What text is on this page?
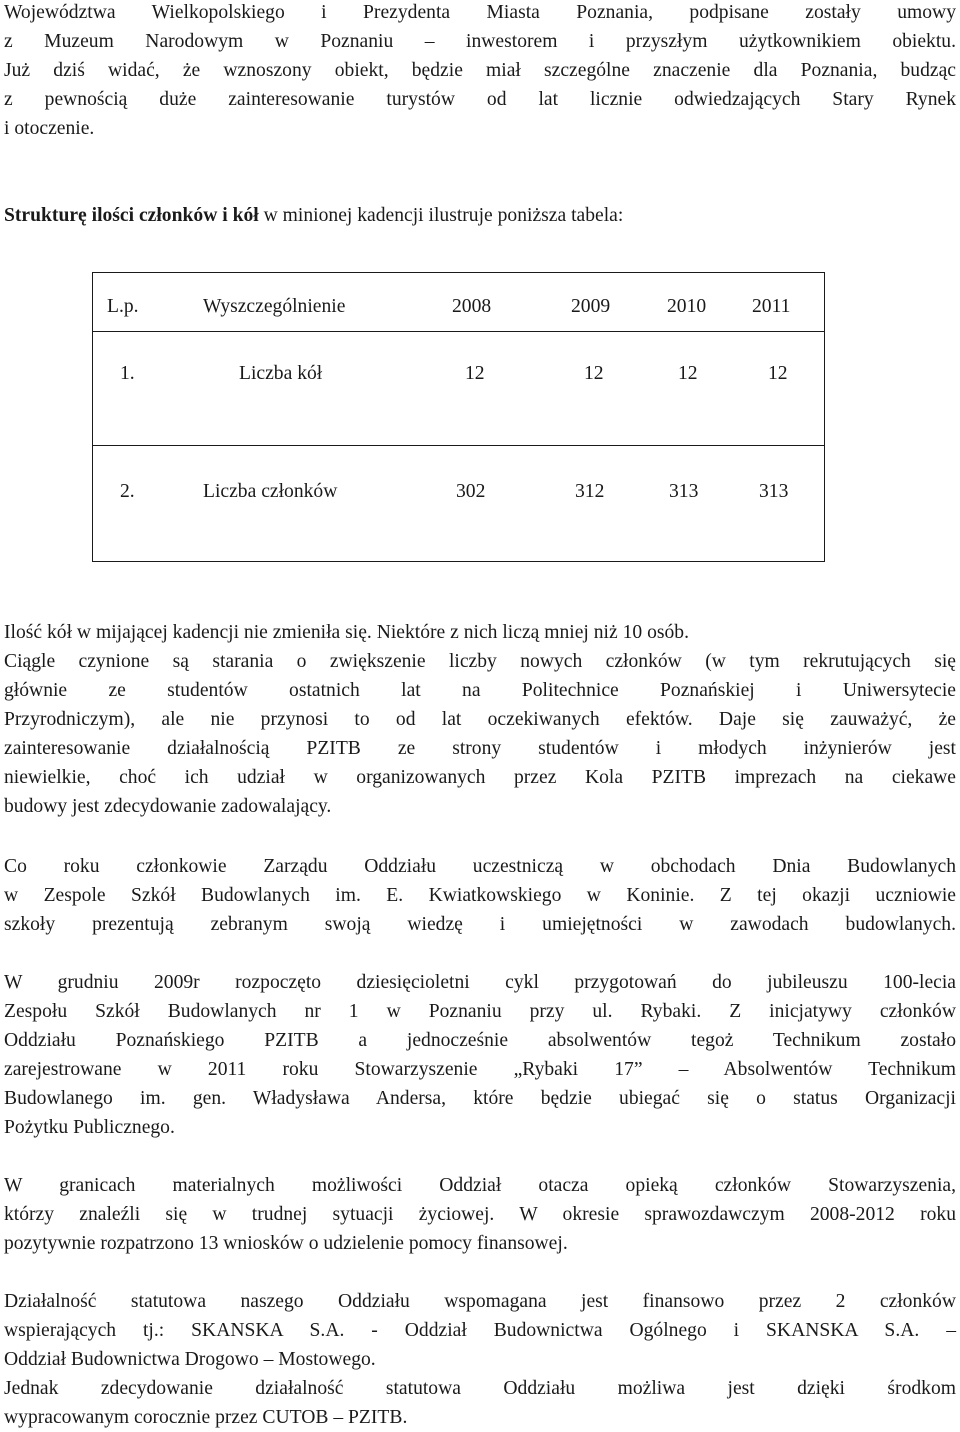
Województwa Wielkopolskiego i Prezydenta Miasta Poznania, podpisane zostały umowy
z Muzeum Narodowym w Poznaniu – inwestorem i przyszłym użytkownikiem obiektu.
Już dziś widać, że wznoszony obiekt, będzie miał szczególne znaczenie dla Poznania, budząc
z pewnością duże zainteresowanie turystów od lat licznie odwiedzających Stary Rynek
i otoczenie.
Strukturę ilości członków i kół w minionej kadencji ilustruje poniższa tabela:
L.p.	Wyszczególnienie	2008	2009	2010 2011
1.	Liczba kół	12	12	12	12
2.	Liczba członków	302	312	313	313
Ilość kół w mijającej kadencji nie zmieniła się. Niektóre z nich liczą mniej niż 10 osób.
Ciągle czynione są starania o zwiększenie liczby nowych członków (w tym rekrutujących się
głównie ze studentów ostatnich lat na Politechnice Poznańskiej i Uniwersytecie
Przyrodniczym), ale nie przynosi to od lat oczekiwanych efektów. Daje się zauważyć, że
zainteresowanie działalnością PZITB ze strony studentów i młodych inżynierów jest
niewielkie, choć ich udział w organizowanych przez Kola PZITB imprezach na ciekawe
budowy jest zdecydowanie zadowalający.
Co roku członkowie Zarządu Oddziału uczestniczą w obchodach Dnia Budowlanych
w Zespole Szkół Budowlanych im. E. Kwiatkowskiego w Koninie. Z tej okazji uczniowie
szkoły prezentują zebranym swoją wiedzę i umiejętności w zawodach budowlanych.
W grudniu 2009r rozpoczęto dziesięcioletni cykl przygotowań do jubileuszu 100-lecia
Zespołu Szkół Budowlanych nr 1 w Poznaniu przy ul. Rybaki. Z inicjatywy członków
Oddziału Poznańskiego PZITB a jednocześnie absolwentów tegoż Technikum zostało
zarejestrowane w 2011 roku Stowarzyszenie „Rybaki 17” – Absolwentów Technikum
Budowlanego im. gen. Władysława Andersa, które będzie ubiegać się o status Organizacji
Pożytku Publicznego.
W granicach materialnych możliwości Oddział otacza opieką członków Stowarzyszenia,
którzy znaleźli się w trudnej sytuacji życiowej. W okresie sprawozdawczym 2008-2012 roku
pozytywnie rozpatrzono 13 wniosków o udzielenie pomocy finansowej.
Działalność statutowa naszego Oddziału wspomagana jest finansowo przez 2 członków
wspierających tj.: SKANSKA S.A. - Oddział Budownictwa Ogólnego i SKANSKA S.A. –
Oddział Budownictwa Drogowo – Mostowego.
Jednak zdecydowanie działalność statutowa Oddziału możliwa jest dzięki środkom
wypracowanym corocznie przez CUTOB – PZITB.
